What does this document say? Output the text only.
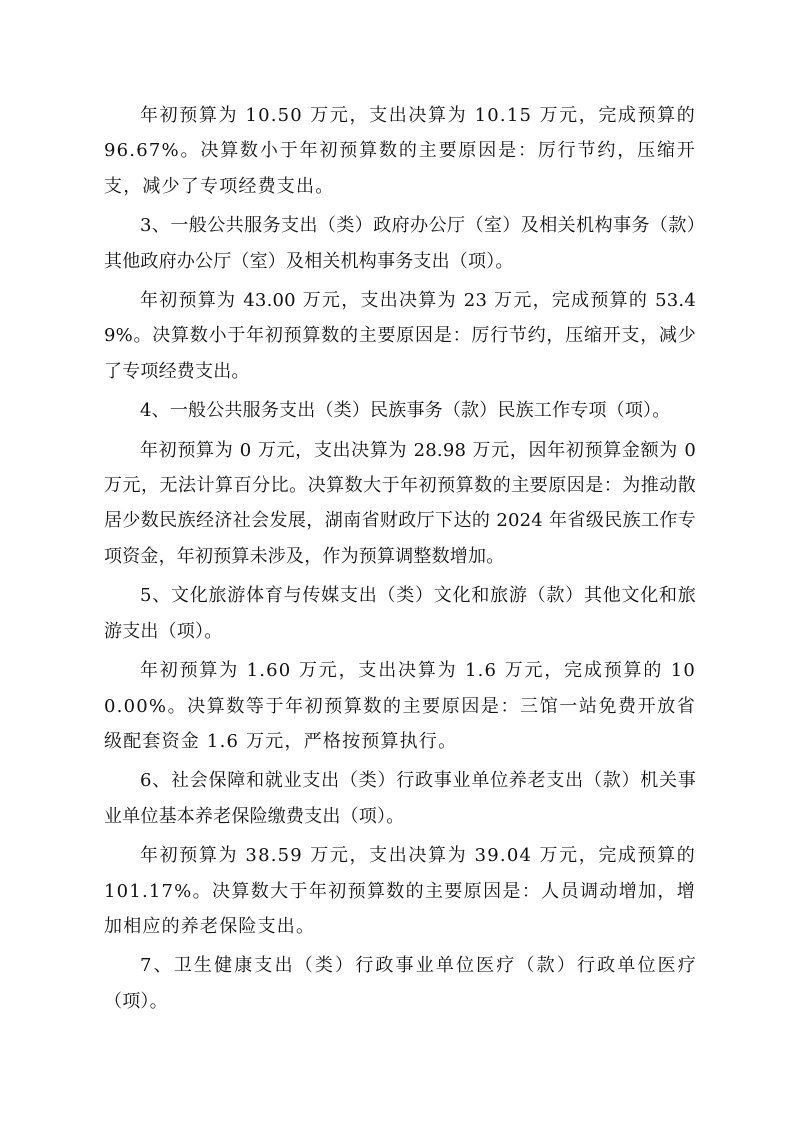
年初预算为 10.50 万元，支出决算为 10.15 万元，完成预算的 96.67%。决算数小于年初预算数的主要原因是：厉行节约，压缩开支，减少了专项经费支出。

3、一般公共服务支出（类）政府办公厅（室）及相关机构事务（款）其他政府办公厅（室）及相关机构事务支出（项）。

年初预算为 43.00 万元，支出决算为 23 万元，完成预算的 53.49%。决算数小于年初预算数的主要原因是：厉行节约，压缩开支，减少了专项经费支出。

4、一般公共服务支出（类）民族事务（款）民族工作专项（项）。

年初预算为 0 万元，支出决算为 28.98 万元，因年初预算金额为 0 万元，无法计算百分比。决算数大于年初预算数的主要原因是：为推动散居少数民族经济社会发展，湖南省财政厅下达的 2024 年省级民族工作专项资金，年初预算未涉及，作为预算调整数增加。

5、文化旅游体育与传媒支出（类）文化和旅游（款）其他文化和旅游支出（项）。

年初预算为 1.60 万元，支出决算为 1.6 万元，完成预算的 100.00%。决算数等于年初预算数的主要原因是：三馆一站免费开放省级配套资金 1.6 万元，严格按预算执行。

6、社会保障和就业支出（类）行政事业单位养老支出（款）机关事业单位基本养老保险缴费支出（项）。

年初预算为 38.59 万元，支出决算为 39.04 万元，完成预算的 101.17%。决算数大于年初预算数的主要原因是：人员调动增加，增加相应的养老保险支出。

7、卫生健康支出（类）行政事业单位医疗（款）行政单位医疗（项）。
